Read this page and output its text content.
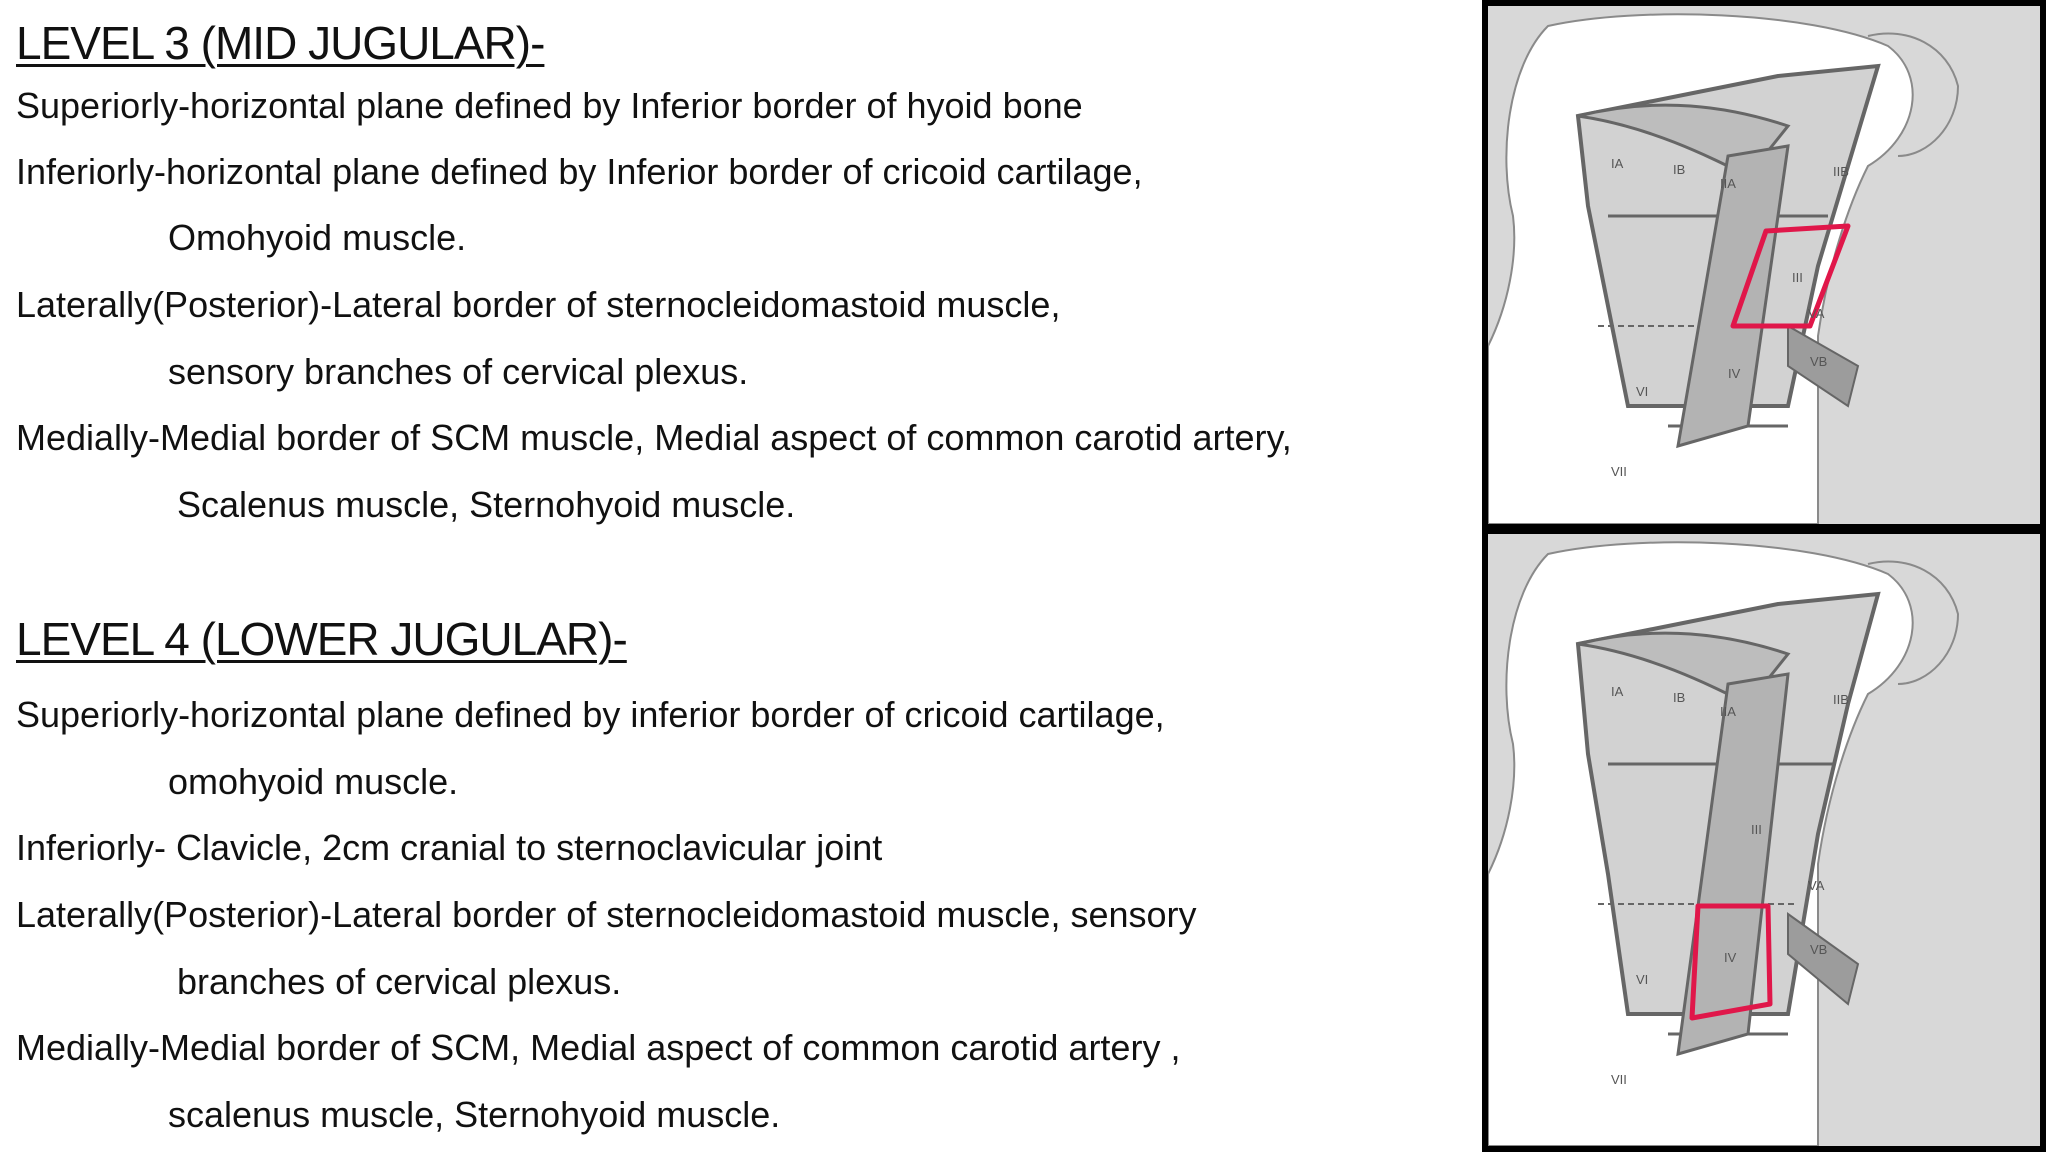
LEVEL 3 (MID JUGULAR)-

Superiorly-horizontal plane defined by Inferior border of hyoid bone

Inferiorly-horizontal plane defined by Inferior border of cricoid cartilage,

Omohyoid muscle.

Laterally(Posterior)-Lateral border of sternocleidomastoid muscle,

sensory branches of cervical plexus.

Medially-Medial border of SCM muscle, Medial aspect of common carotid artery,

Scalenus muscle, Sternohyoid muscle.

LEVEL 4 (LOWER JUGULAR)-

Superiorly-horizontal plane defined by inferior border of cricoid cartilage,

omohyoid muscle.

Inferiorly- Clavicle, 2cm cranial to sternoclavicular joint

Laterally(Posterior)-Lateral border of sternocleidomastoid muscle, sensory

branches of cervical plexus.

Medially-Medial border of SCM, Medial aspect of common carotid artery ,

scalenus muscle, Sternohyoid muscle.

IA	IB
IIA
IIB
III
IV
VA
VB
VI
VII
IA	IB
IIA
IIB
III
IV
VA
VB
VI
VII
